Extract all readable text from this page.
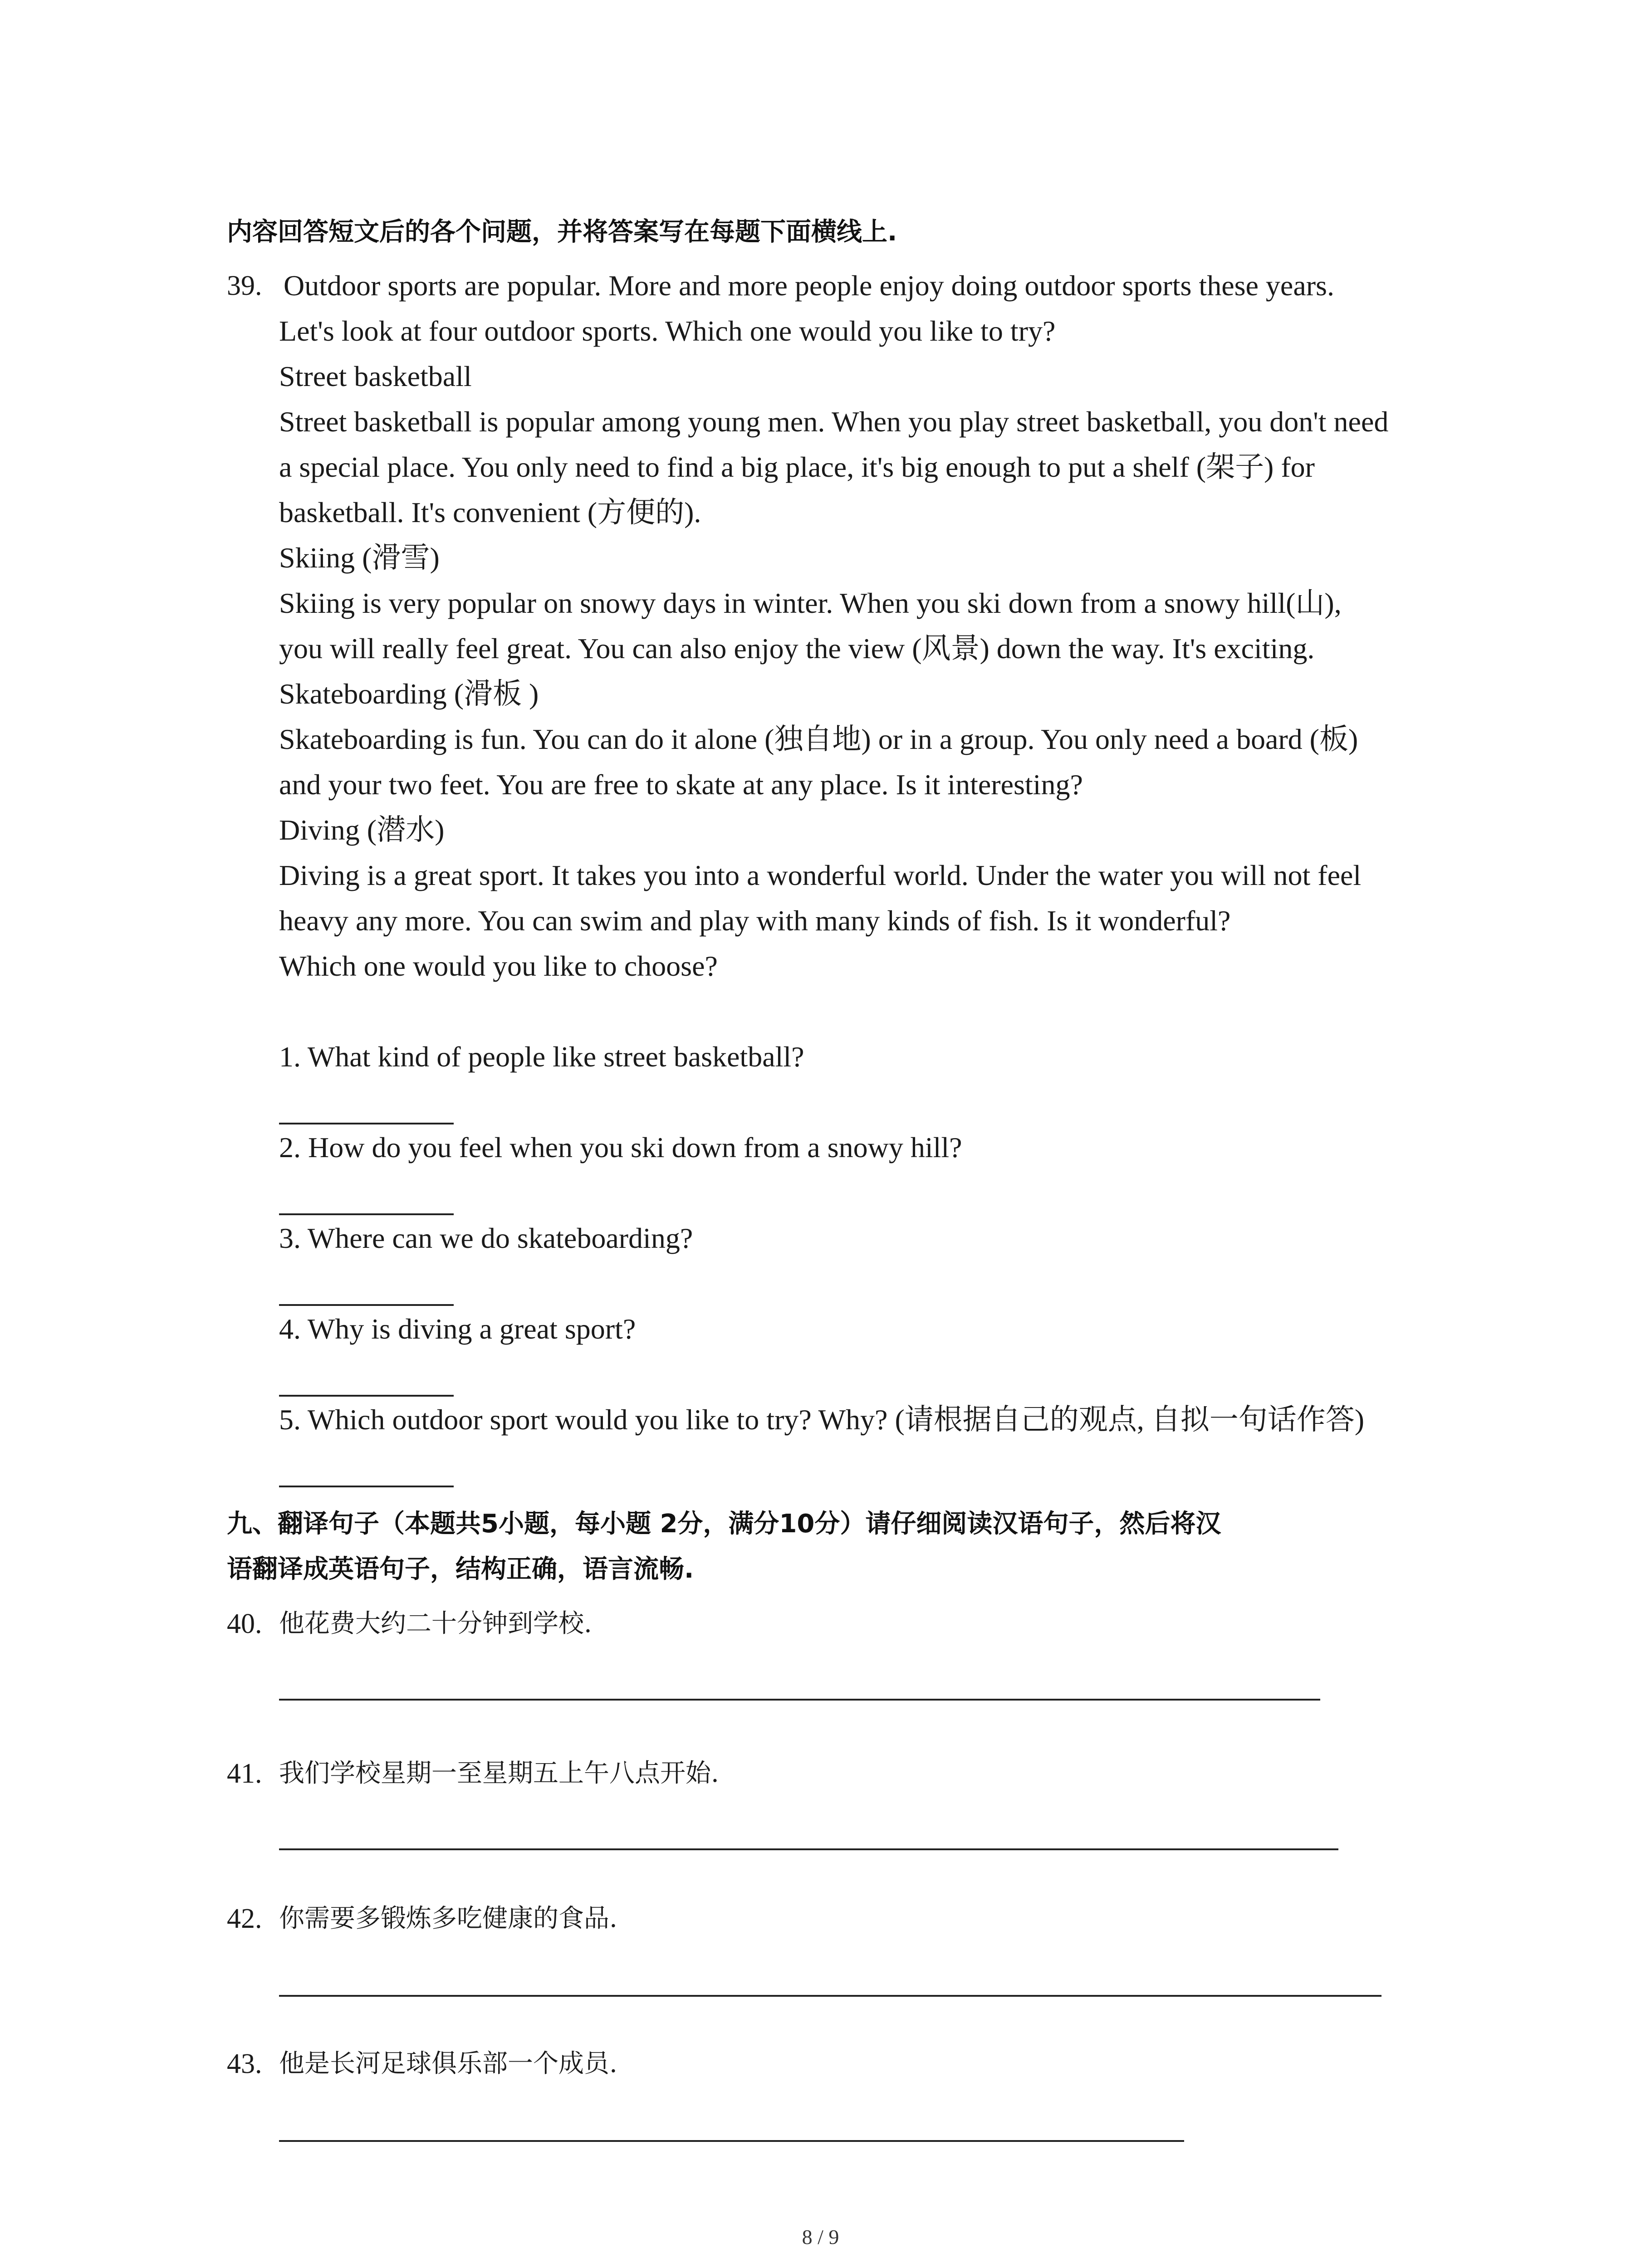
内容回答短文后的各个问题，并将答案写在每题下面横线上.
39. Outdoor sports are popular. More and more people enjoy doing outdoor sports these years.
Let's look at four outdoor sports. Which one would you like to try?
Street basketball
Street basketball is popular among young men. When you play street basketball, you don't need
a special place. You only need to find a big place, it's big enough to put a shelf (架子) for
basketball. It's convenient (方便的).
Skiing (滑雪)
Skiing is very popular on snowy days in winter. When you ski down from a snowy hill(山),
you will really feel great. You can also enjoy the view (风景) down the way. It's exciting.
Skateboarding (滑板 )
Skateboarding is fun. You can do it alone (独自地) or in a group. You only need a board (板)
and your two feet. You are free to skate at any place. Is it interesting?
Diving (潜水)
Diving is a great sport. It takes you into a wonderful world. Under the water you will not feel
heavy any more. You can swim and play with many kinds of fish. Is it wonderful?
Which one would you like to choose?
1. What kind of people like street basketball?
2. How do you feel when you ski down from a snowy hill?
3. Where can we do skateboarding?
4. Why is diving a great sport?
5. Which outdoor sport would you like to try? Why? (请根据自己的观点, 自拟一句话作答)
九、翻译句子（本题共5小题，每小题 2分，满分10分）请仔细阅读汉语句子，然后将汉
语翻译成英语句子，结构正确，语言流畅.
40. 他花费大约二十分钟到学校.
41. 我们学校星期一至星期五上午八点开始.
42. 你需要多锻炼多吃健康的食品.
43. 他是长河足球俱乐部一个成员.
8 / 9
